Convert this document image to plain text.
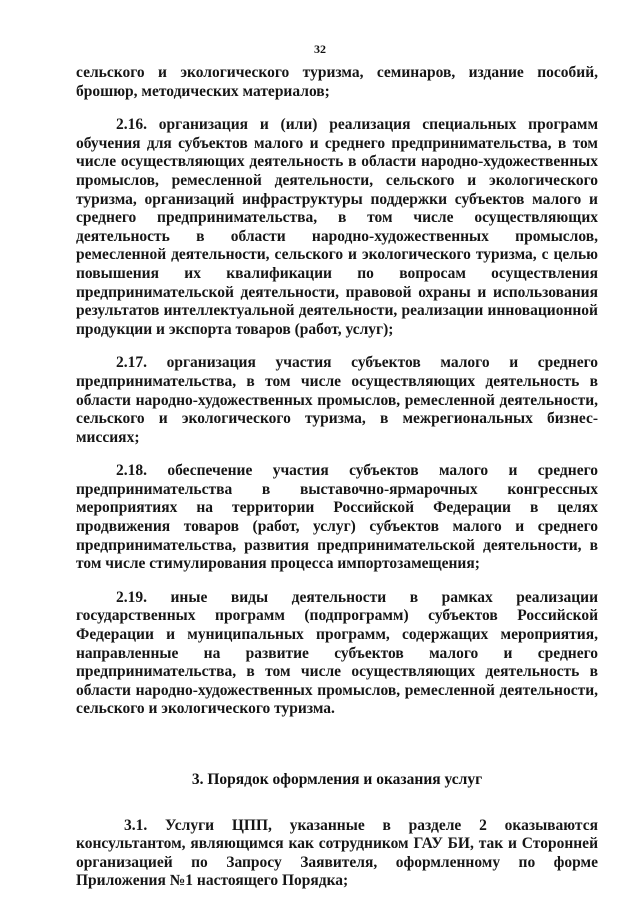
32

сельского и экологического туризма, семинаров, издание пособий, брошюр, методических материалов;

2.16. организация и (или) реализация специальных программ обучения для субъектов малого и среднего предпринимательства, в том числе осуществляющих деятельность в области народно-художественных промыслов, ремесленной деятельности, сельского и экологического туризма, организаций инфраструктуры поддержки субъектов малого и среднего предпринимательства, в том числе осуществляющих деятельность в области народно-художественных промыслов, ремесленной деятельности, сельского и экологического туризма, с целью повышения их квалификации по вопросам осуществления предпринимательской деятельности, правовой охраны и использования результатов интеллектуальной деятельности, реализации инновационной продукции и экспорта товаров (работ, услуг);

2.17. организация участия субъектов малого и среднего предпринимательства, в том числе осуществляющих деятельность в области народно-художественных промыслов, ремесленной деятельности, сельского и экологического туризма, в межрегиональных бизнес-миссиях;

2.18. обеспечение участия субъектов малого и среднего предпринимательства в выставочно-ярмарочных конгрессных мероприятиях на территории Российской Федерации в целях продвижения товаров (работ, услуг) субъектов малого и среднего предпринимательства, развития предпринимательской деятельности, в том числе стимулирования процесса импортозамещения;

2.19. иные виды деятельности в рамках реализации государственных программ (подпрограмм) субъектов Российской Федерации и муниципальных программ, содержащих мероприятия, направленные на развитие субъектов малого и среднего предпринимательства, в том числе осуществляющих деятельность в области народно-художественных промыслов, ремесленной деятельности, сельского и экологического туризма.

3. Порядок оформления и оказания услуг

3.1. Услуги ЦПП, указанные в разделе 2 оказываются консультантом, являющимся как сотрудником ГАУ БИ, так и Сторонней организацией по Запросу Заявителя, оформленному по форме Приложения №1 настоящего Порядка;
